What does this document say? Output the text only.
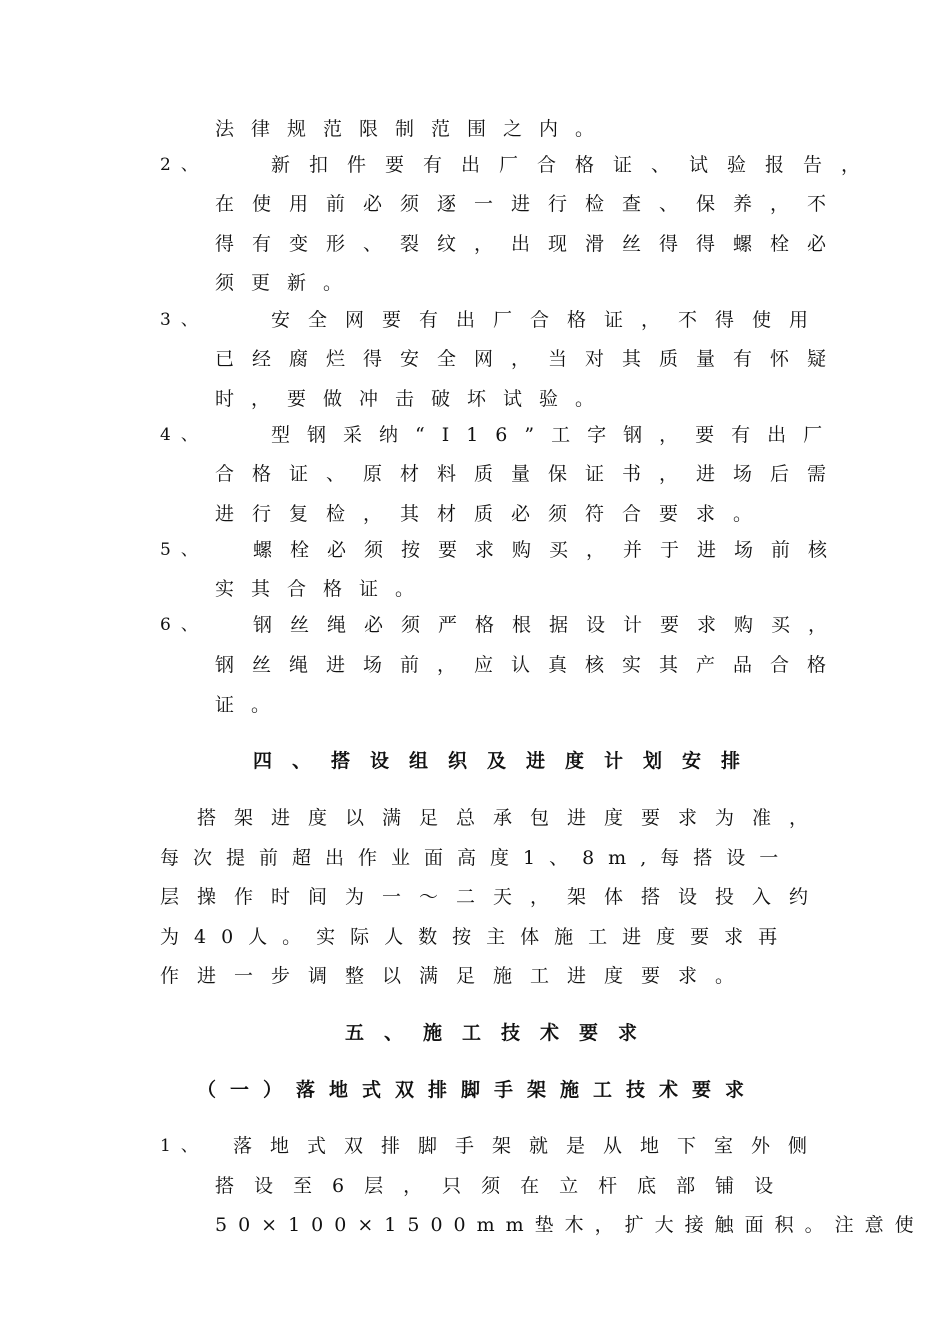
法律规范限制范围之内。
2、	新扣件要有出厂合格证、试验报告，
在使用前必须逐一进行检查、保养，不
得有变形、裂纹，出现滑丝得得螺栓必
须更新。
3、	安全网要有出厂合格证，不得使用
已经腐烂得安全网，当对其质量有怀疑
时，要做冲击破坏试验。
4、	型钢采纳“Ⅰ16”工字钢，要有出厂
合格证、原材料质量保证书，进场后需
进行复检，其材质必须符合要求。
5、 螺栓必须按要求购买，并于进场前核
实其合格证。
6、 钢丝绳必须严格根据设计要求购买，
钢丝绳进场前，应认真核实其产品合格
证。
四、搭设组织及进度计划安排
搭架进度以满足总承包进度要求为准，
每次提前超出作业面高度1、8m,每搭设一
层操作时间为一～二天，架体搭设投入约
为40人。实际人数按主体施工进度要求再
作进一步调整以满足施工进度要求。
五、施工技术要求
（一）落地式双排脚手架施工技术要求
1、 落地式双排脚手架就是从地下室外侧
搭设至6层，只须在立杆底部铺设
50×100×1500mm垫木，扩大接触面积。注意使
